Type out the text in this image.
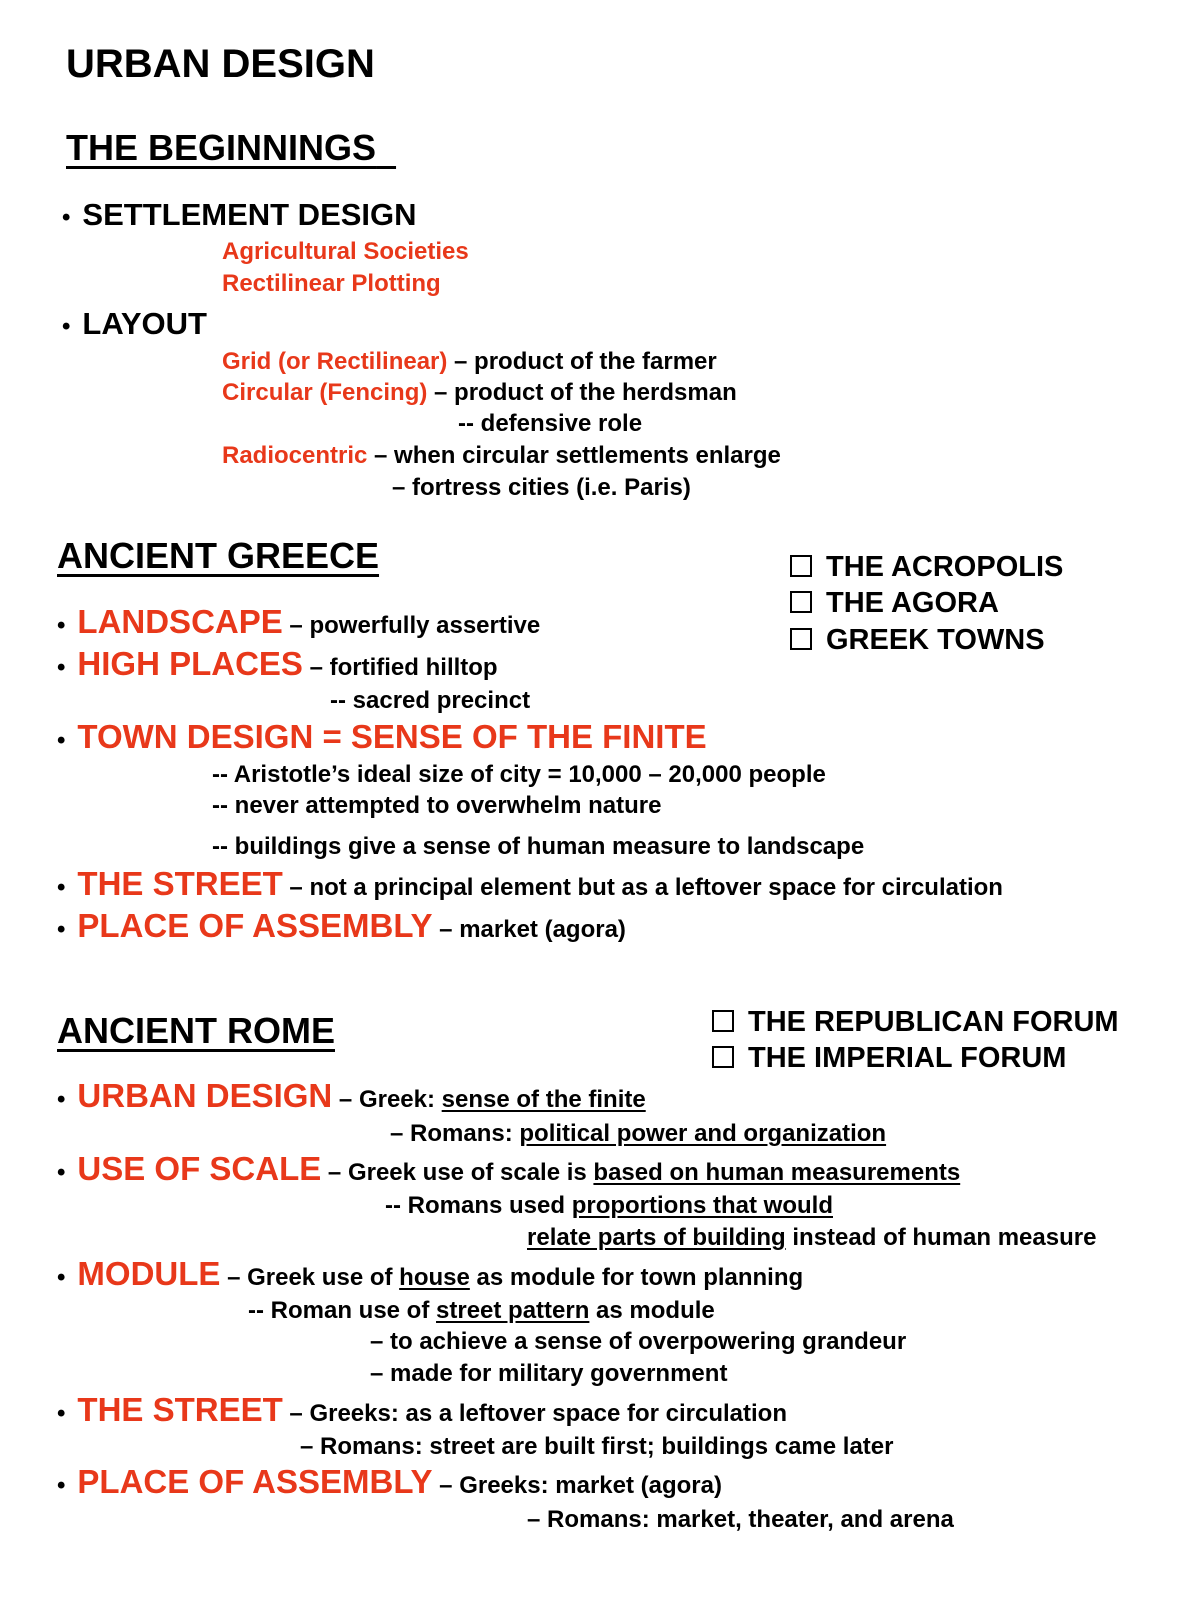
URBAN DESIGN
THE BEGINNINGS
• SETTLEMENT DESIGN
Agricultural Societies
Rectilinear Plotting
• LAYOUT
Grid (or Rectilinear) – product of the farmer
Circular (Fencing) – product of the herdsman
-- defensive role
Radiocentric – when circular settlements enlarge
– fortress cities (i.e. Paris)
ANCIENT GREECE	THE ACROPOLIS
THE AGORA
GREEK TOWNS
• LANDSCAPE – powerfully assertive
• HIGH PLACES – fortified hilltop
-- sacred precinct
• TOWN DESIGN = SENSE OF THE FINITE
-- Aristotle’s ideal size of city = 10,000 – 20,000 people
-- never attempted to overwhelm nature
-- buildings give a sense of human measure to landscape
• THE STREET – not a principal element but as a leftover space for circulation
• PLACE OF ASSEMBLY – market (agora)
ANCIENT ROME	THE REPUBLICAN FORUM
THE IMPERIAL FORUM
• URBAN DESIGN – Greek: sense of the finite
– Romans: political power and organization
• USE OF SCALE – Greek use of scale is based on human measurements
-- Romans used proportions that would
relate parts of building instead of human measure
• MODULE – Greek use of house as module for town planning
-- Roman use of street pattern as module
– to achieve a sense of overpowering grandeur
– made for military government
• THE STREET – Greeks: as a leftover space for circulation
– Romans: street are built first; buildings came later
• PLACE OF ASSEMBLY – Greeks: market (agora)
– Romans: market, theater, and arena
